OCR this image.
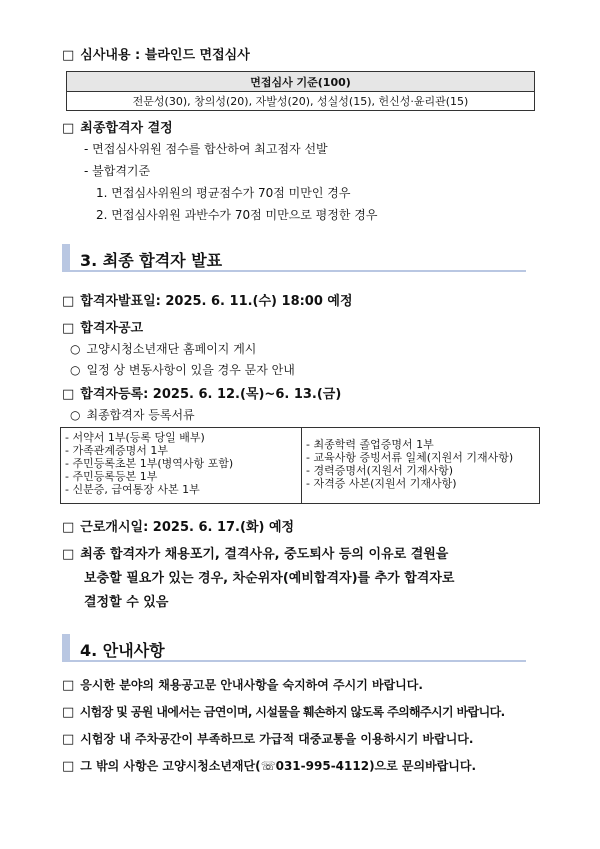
□ 심사내용 : 블라인드 면접심사
면접심사 기준(100)
전문성(30), 창의성(20), 자발성(20), 성실성(15), 헌신성·윤리관(15)
□ 최종합격자 결정
- 면접심사위원 점수를 합산하여 최고점자 선발
- 불합격기준
1. 면접심사위원의 평균점수가 70점 미만인 경우
2. 면접심사위원 과반수가 70점 미만으로 평정한 경우
3. 최종 합격자 발표
□ 합격자발표일: 2025. 6. 11.(수) 18:00 예정
□ 합격자공고
○ 고양시청소년재단 홈페이지 게시
○ 일정 상 변동사항이 있을 경우 문자 안내
□ 합격자등록: 2025. 6. 12.(목)~6. 13.(금)
○ 최종합격자 등록서류
- 서약서 1부(등록 당일 배부)
- 가족관계증명서 1부
- 주민등록초본 1부(병역사항 포함)
- 주민등록등본 1부
- 신분증, 급여통장 사본 1부

- 최종학력 졸업증명서 1부
- 교육사항 증빙서류 일체(지원서 기재사항)
- 경력증명서(지원서 기재사항)
- 자격증 사본(지원서 기재사항)
□ 근로개시일: 2025. 6. 17.(화) 예정
□ 최종 합격자가 채용포기, 결격사유, 중도퇴사 등의 이유로 결원을
보충할 필요가 있는 경우, 차순위자(예비합격자)를 추가 합격자로
결정할 수 있음
4. 안내사항
□ 응시한 분야의 채용공고문 안내사항을 숙지하여 주시기 바랍니다.
□ 시험장 및 공원 내에서는 금연이며, 시설물을 훼손하지 않도록 주의해주시기 바랍니다.
□ 시험장 내 주차공간이 부족하므로 가급적 대중교통을 이용하시기 바랍니다.
□ 그 밖의 사항은 고양시청소년재단(☏031-995-4112)으로 문의바랍니다.
